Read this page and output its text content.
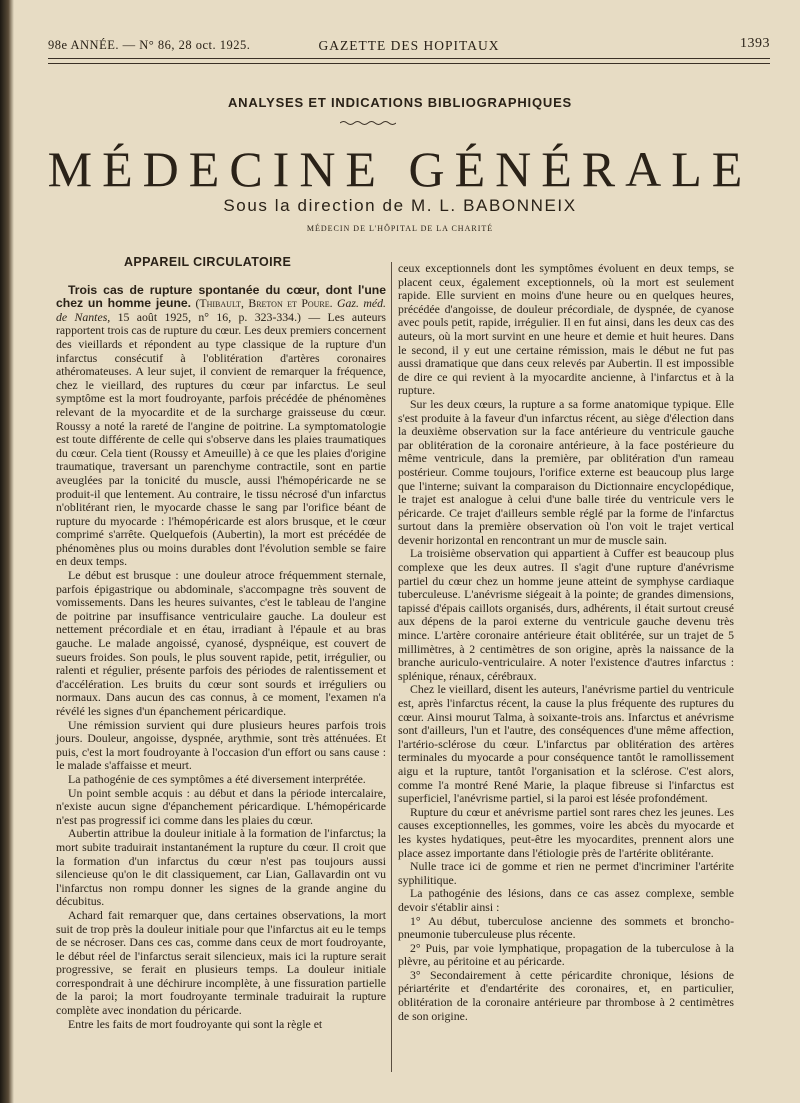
98e ANNÉE. — N° 86, 28 oct. 1925.	GAZETTE DES HOPITAUX	1393
ANALYSES ET INDICATIONS BIBLIOGRAPHIQUES
MÉDECINE GÉNÉRALE
Sous la direction de M. L. BABONNEIX
MÉDECIN DE L'HÔPITAL DE LA CHARITÉ
APPAREIL CIRCULATOIRE

Trois cas de rupture spontanée du cœur, dont l'une chez un homme jeune. (Thibault, Breton et Poure. Gaz. méd. de Nantes, 15 août 1925, n° 16, p. 323-334.) — Les auteurs rapportent trois cas de rupture du cœur. Les deux premiers concernent des vieillards et répondent au type classique de la rupture d'un infarctus consécutif à l'oblitération d'artères coronaires athéromateuses. A leur sujet, il convient de remarquer la fréquence, chez le vieillard, des ruptures du cœur par infarctus. Le seul symptôme est la mort foudroyante, parfois précédée de phénomènes relevant de la myocardite et de la surcharge graisseuse du cœur. Roussy a noté la rareté de l'angine de poitrine. La symptomatologie est toute différente de celle qui s'observe dans les plaies traumatiques du cœur. Cela tient (Roussy et Ameuille) à ce que les plaies d'origine traumatique, traversant un parenchyme contractile, sont en partie aveuglées par la tonicité du muscle, aussi l'hémopéricarde ne se produit-il que lentement. Au contraire, le tissu nécrosé d'un infarctus n'oblitérant rien, le myocarde chasse le sang par l'orifice béant de rupture du myocarde : l'hémopéricarde est alors brusque, et le cœur comprimé s'arrête. Quelquefois (Aubertin), la mort est précédée de phénomènes plus ou moins durables dont l'évolution semble se faire en deux temps.

Le début est brusque : une douleur atroce fréquemment sternale, parfois épigastrique ou abdominale, s'accompagne très souvent de vomissements. Dans les heures suivantes, c'est le tableau de l'angine de poitrine par insuffisance ventriculaire gauche. La douleur est nettement précordiale et en étau, irradiant à l'épaule et au bras gauche. Le malade angoissé, cyanosé, dyspnéique, est couvert de sueurs froides. Son pouls, le plus souvent rapide, petit, irrégulier, ou ralenti et régulier, présente parfois des périodes de ralentissement et d'accélération. Les bruits du cœur sont sourds et irréguliers ou normaux. Dans aucun des cas connus, à ce moment, l'examen n'a révélé les signes d'un épanchement péricardique.

Une rémission survient qui dure plusieurs heures parfois trois jours. Douleur, angoisse, dyspnée, arythmie, sont très atténuées. Et puis, c'est la mort foudroyante à l'occasion d'un effort ou sans cause : le malade s'affaisse et meurt.

La pathogénie de ces symptômes a été diversement interprétée.

Un point semble acquis : au début et dans la période intercalaire, n'existe aucun signe d'épanchement péricardique. L'hémopéricarde n'est pas progressif ici comme dans les plaies du cœur.

Aubertin attribue la douleur initiale à la formation de l'infarctus; la mort subite traduirait instantanément la rupture du cœur. Il croit que la formation d'un infarctus du cœur n'est pas toujours aussi silencieuse qu'on le dit classiquement, car Lian, Gallavardin ont vu l'infarctus non rompu donner les signes de la grande angine du décubitus.

Achard fait remarquer que, dans certaines observations, la mort suit de trop près la douleur initiale pour que l'infarctus ait eu le temps de se nécroser. Dans ces cas, comme dans ceux de mort foudroyante, le début réel de l'infarctus serait silencieux, mais ici la rupture serait progressive, se ferait en plusieurs temps. La douleur initiale correspondrait à une déchirure incomplète, à une fissuration partielle de la paroi; la mort foudroyante terminale traduirait la rupture complète avec inondation du péricarde.

Entre les faits de mort foudroyante qui sont la règle et

ceux exceptionnels dont les symptômes évoluent en deux temps, se placent ceux, également exceptionnels, où la mort est seulement rapide. Elle survient en moins d'une heure ou en quelques heures, précédée d'angoisse, de douleur précordiale, de dyspnée, de cyanose avec pouls petit, rapide, irrégulier. Il en fut ainsi, dans les deux cas des auteurs, où la mort survint en une heure et demie et huit heures. Dans le second, il y eut une certaine rémission, mais le début ne fut pas aussi dramatique que dans ceux relevés par Aubertin. Il est impossible de dire ce qui revient à la myocardite ancienne, à l'infarctus et à la rupture.

Sur les deux cœurs, la rupture a sa forme anatomique typique. Elle s'est produite à la faveur d'un infarctus récent, au siège d'élection dans la deuxième observation sur la face antérieure du ventricule gauche par oblitération de la coronaire antérieure, à la face postérieure du même ventricule, dans la première, par oblitération d'un rameau postérieur. Comme toujours, l'orifice externe est beaucoup plus large que l'interne; suivant la comparaison du Dictionnaire encyclopédique, le trajet est analogue à celui d'une balle tirée du ventricule vers le péricarde. Ce trajet d'ailleurs semble réglé par la forme de l'infarctus surtout dans la première observation où l'on voit le trajet vertical devenir horizontal en rencontrant un mur de muscle sain.

La troisième observation qui appartient à Cuffer est beaucoup plus complexe que les deux autres. Il s'agit d'une rupture d'anévrisme partiel du cœur chez un homme jeune atteint de symphyse cardiaque tuberculeuse. L'anévrisme siégeait à la pointe; de grandes dimensions, tapissé d'épais caillots organisés, durs, adhérents, il était surtout creusé aux dépens de la paroi externe du ventricule gauche devenu très mince. L'artère coronaire antérieure était oblitérée, sur un trajet de 5 millimètres, à 2 centimètres de son origine, après la naissance de la branche auriculo-ventriculaire. A noter l'existence d'autres infarctus : splénique, rénaux, cérébraux.

Chez le vieillard, disent les auteurs, l'anévrisme partiel du ventricule est, après l'infarctus récent, la cause la plus fréquente des ruptures du cœur. Ainsi mourut Talma, à soixante-trois ans. Infarctus et anévrisme sont d'ailleurs, l'un et l'autre, des conséquences d'une même affection, l'artério-sclérose du cœur. L'infarctus par oblitération des artères terminales du myocarde a pour conséquence tantôt le ramollissement aigu et la rupture, tantôt l'organisation et la sclérose. C'est alors, comme l'a montré René Marie, la plaque fibreuse si l'infarctus est superficiel, l'anévrisme partiel, si la paroi est lésée profondément.

Rupture du cœur et anévrisme partiel sont rares chez les jeunes. Les causes exceptionnelles, les gommes, voire les abcès du myocarde et les kystes hydatiques, peut-être les myocardites, prennent alors une place assez importante dans l'étiologie près de l'artérite oblitérante.

Nulle trace ici de gomme et rien ne permet d'incriminer l'artérite syphilitique.

La pathogénie des lésions, dans ce cas assez complexe, semble devoir s'établir ainsi :

1° Au début, tuberculose ancienne des sommets et broncho-pneumonie tuberculeuse plus récente.

2° Puis, par voie lymphatique, propagation de la tuberculose à la plèvre, au péritoine et au péricarde.

3° Secondairement à cette péricardite chronique, lésions de périartérite et d'endartérite des coronaires, et, en particulier, oblitération de la coronaire antérieure par thrombose à 2 centimètres de son origine.
